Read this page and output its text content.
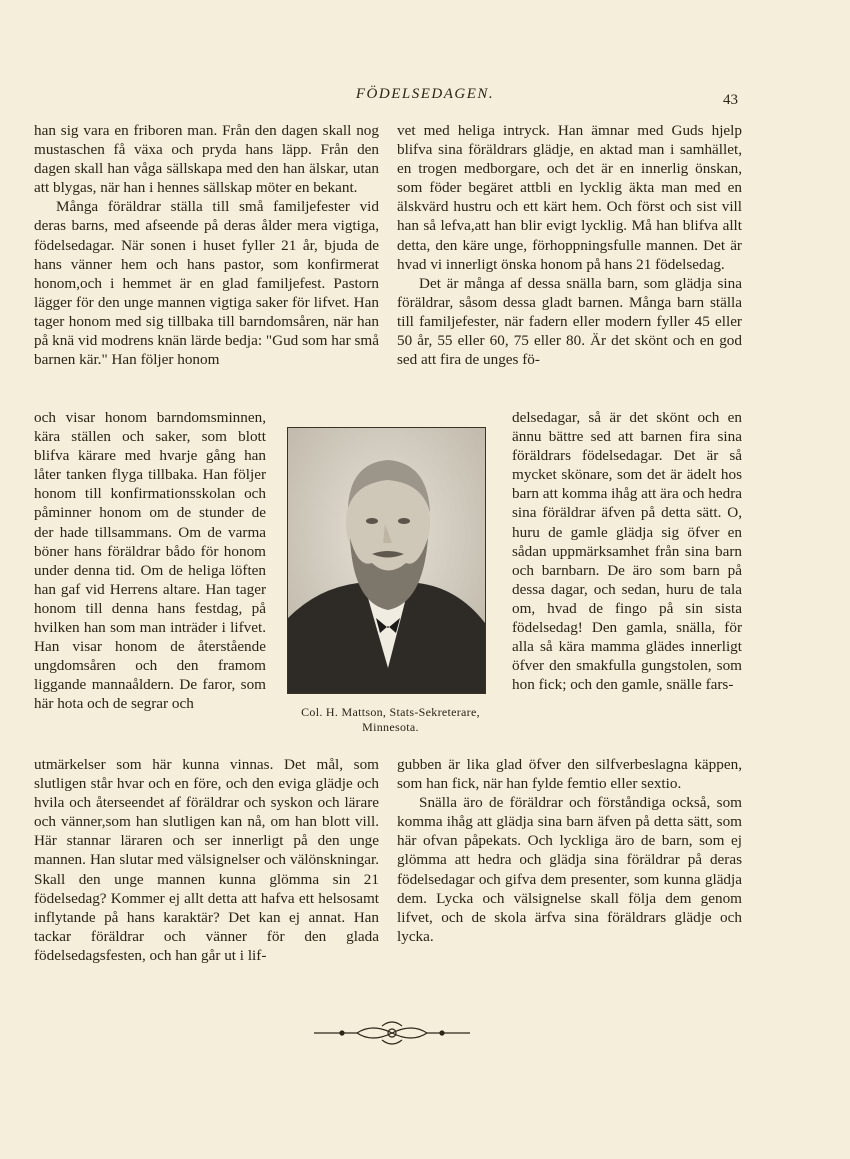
FÖDELSEDAGEN.	43

han sig vara en friboren man. Från den dagen skall nog mustaschen få växa och pryda hans läpp. Från den dagen skall han våga sällskapa med den han älskar, utan att blygas, när han i hennes sällskap möter en bekant.

Många föräldrar ställa till små familjefester vid deras barns, med afseende på deras ålder mera vigtiga, födelsedagar. När sonen i huset fyller 21 år, bjuda de hans vänner hem och hans pastor, som konfirmerat honom,och i hemmet är en glad familjefest. Pastorn lägger för den unge mannen vigtiga saker för lifvet. Han tager honom med sig tillbaka till barndomsåren, när han på knä vid modrens knän lärde bedja: "Gud som har små barnen kär." Han följer honom

och visar honom barndomsminnen, kära ställen och saker, som blott blifva kärare med hvarje gång han låter tanken flyga tillbaka. Han följer honom till konfirmationsskolan och påminner honom om de stunder de der hade tillsammans. Om de varma böner hans föräldrar bådo för honom under denna tid. Om de heliga löften han gaf vid Herrens altare. Han tager honom till denna hans festdag, på hvilken han som man inträder i lifvet. Han visar honom de återstående ungdomsåren och den framom liggande mannaåldern. De faror, som här hota och de segrar och

utmärkelser som här kunna vinnas. Det mål, som slutligen står hvar och en före, och den eviga glädje och hvila och återseendet af föräldrar och syskon och lärare och vänner,som han slutligen kan nå, om han blott vill. Här stannar läraren och ser innerligt på den unge mannen. Han slutar med välsignelser och välönskningar. Skall den unge mannen kunna glömma sin 21 födelsedag? Kommer ej allt detta att hafva ett helsosamt inflytande på hans karaktär? Det kan ej annat. Han tackar föräldrar och vänner för den glada födelsedagsfesten, och han går ut i lif-

vet med heliga intryck. Han ämnar med Guds hjelp blifva sina föräldrars glädje, en aktad man i samhället, en trogen medborgare, och det är en innerlig önskan, som föder begäret attbli en lycklig äkta man med en älskvärd hustru och ett kärt hem. Och först och sist vill han så lefva,att han blir evigt lycklig. Må han blifva allt detta, den käre unge, förhoppningsfulle mannen. Det är hvad vi innerligt önska honom på hans 21 födelsedag.

Det är många af dessa snälla barn, som glädja sina föräldrar, såsom dessa gladt barnen. Många barn ställa till familjefester, när fadern eller modern fyller 45 eller 50 år, 55 eller 60, 75 eller 80. Är det skönt och en god sed att fira de unges fö-

delsedagar, så är det skönt och en ännu bättre sed att barnen fira sina föräldrars födelsedagar. Det är så mycket skönare, som det är ädelt hos barn att komma ihåg att ära och hedra sina föräldrar äfven på detta sätt. O, huru de gamle glädja sig öfver en sådan uppmärksamhet från sina barn och barnbarn. De äro som barn på dessa dagar, och sedan, huru de tala om, hvad de fingo på sin sista födelsedag! Den gamla, snälla, för alla så kära mamma glädes innerligt öfver den smakfulla gungstolen, som hon fick; och den gamle, snälle fars-

gubben är lika glad öfver den silfverbeslagna käppen, som han fick, när han fylde femtio eller sextio.

Snälla äro de föräldrar och förståndiga också, som komma ihåg att glädja sina barn äfven på detta sätt, som här ofvan påpekats. Och lyckliga äro de barn, som ej glömma att hedra och glädja sina föräldrar på deras födelsedagar och gifva dem presenter, som kunna glädja dem. Lycka och välsignelse skall följa dem genom lifvet, och de skola ärfva sina föräldrars glädje och lycka.

Col. H. Mattson, Stats-Sekreterare,
Minnesota.
